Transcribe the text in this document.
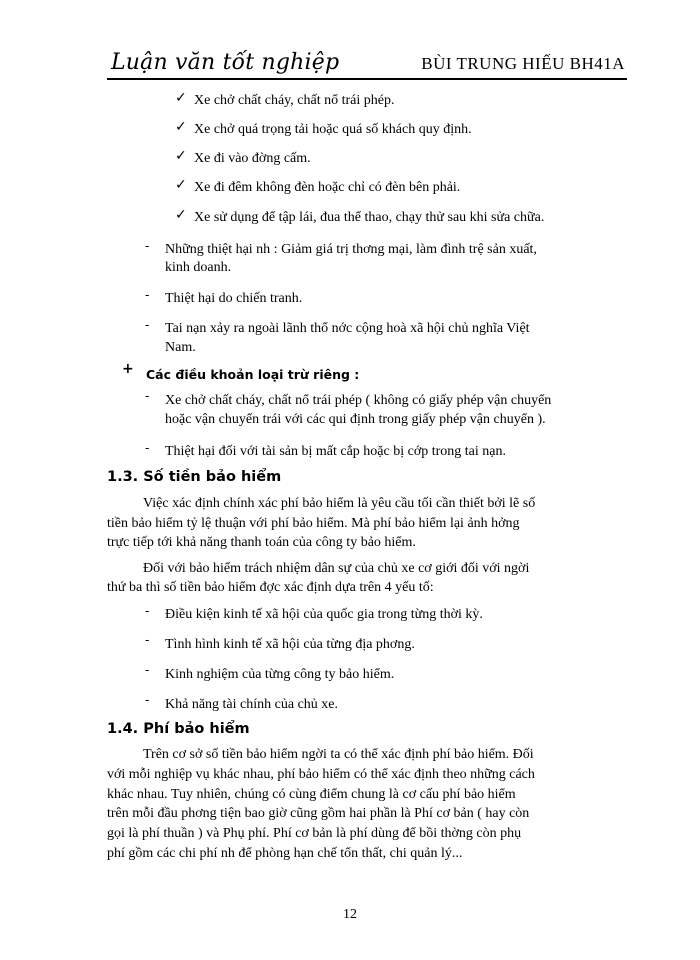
Luận văn tốt nghiệp	BÙI TRUNG HIẾU BH41A
✓ Xe chở chất cháy, chất nổ trái phép.
✓ Xe chở quá trọng tải hoặc quá số khách quy định.
✓ Xe đi vào đờng cấm.
✓ Xe đi đêm không đèn hoặc chỉ có đèn bên phải.
✓ Xe sử dụng để tập lái, đua thể thao, chạy thử sau khi sửa chữa.
- Những thiệt hại nh : Giảm giá trị thơng mại, làm đình trệ sản xuất,
kinh doanh.
- Thiệt hại do chiến tranh.
- Tai nạn xảy ra ngoài lãnh thổ nớc cộng hoà xã hội chủ nghĩa Việt
Nam.
+ Các điều khoản loại trừ riêng :
- Xe chở chất cháy, chất nổ trái phép ( không có giấy phép vận chuyển
hoặc vận chuyển trái với các qui định trong giấy phép vận chuyển ).
- Thiệt hại đối với tài sản bị mất cắp hoặc bị cớp trong tai nạn.
1.3. Số tiền bảo hiểm
Việc xác định chính xác phí bảo hiểm là yêu cầu tối cần thiết bởi lẽ số
tiền bảo hiểm tỷ lệ thuận với phí bảo hiểm. Mà phí bảo hiểm lại ảnh hởng
trực tiếp tới khả năng thanh toán của công ty bảo hiểm.
Đối với bảo hiểm trách nhiệm dân sự của chủ xe cơ giới đối với ngời
thứ ba thì số tiền bảo hiểm đợc xác định dựa trên 4 yếu tố:
- Điều kiện kinh tế xã hội của quốc gia trong từng thời kỳ.
- Tình hình kinh tế xã hội của từng địa phơng.
- Kinh nghiệm của từng công ty bảo hiểm.
- Khả năng tài chính của chủ xe.
1.4. Phí bảo hiểm
Trên cơ sở số tiền bảo hiểm ngời ta có thể xác định phí bảo hiểm. Đối
với mỗi nghiệp vụ khác nhau, phí bảo hiểm có thể xác định theo những cách
khác nhau. Tuy nhiên, chúng có cùng điểm chung là cơ cấu phí bảo hiểm
trên mỗi đầu phơng tiện bao giờ cũng gồm hai phần là Phí cơ bản ( hay còn
gọi là phí thuần ) và Phụ phí. Phí cơ bản là phí dùng để bồi thờng còn phụ
phí gồm các chi phí nh để phòng hạn chế tổn thất, chi quản lý...
12
